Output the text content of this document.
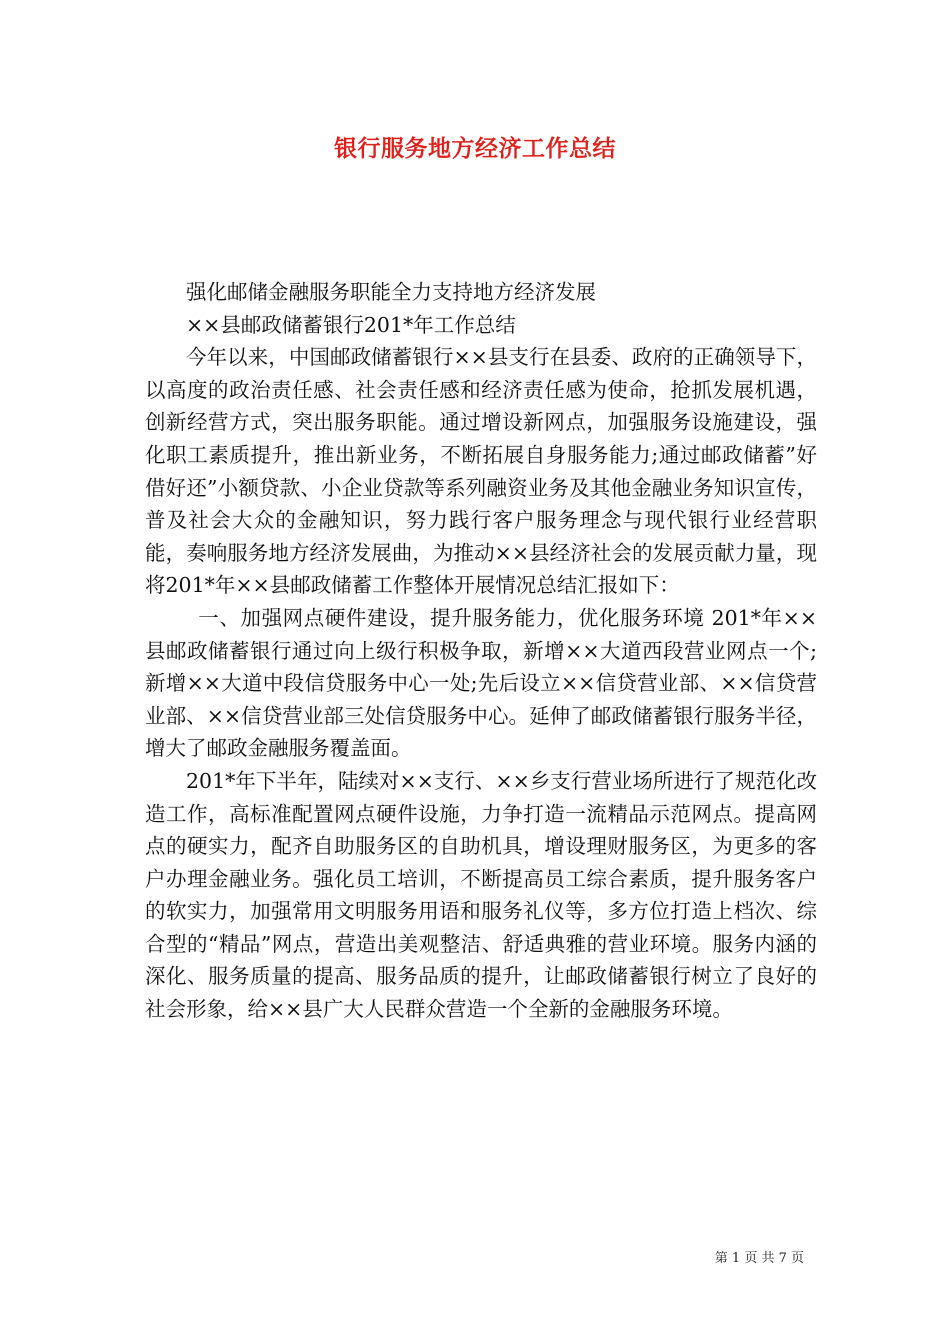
银行服务地方经济工作总结

强化邮储金融服务职能全力支持地方经济发展

××县邮政储蓄银行201*年工作总结

今年以来，中国邮政储蓄银行××县支行在县委、政府的正确领导下，以高度的政治责任感、社会责任感和经济责任感为使命，抢抓发展机遇，创新经营方式，突出服务职能。通过增设新网点，加强服务设施建设，强化职工素质提升，推出新业务，不断拓展自身服务能力;通过邮政储蓄”好借好还”小额贷款、小企业贷款等系列融资业务及其他金融业务知识宣传，普及社会大众的金融知识，努力践行客户服务理念与现代银行业经营职能，奏响服务地方经济发展曲，为推动××县经济社会的发展贡献力量，现将201*年××县邮政储蓄工作整体开展情况总结汇报如下：

一、加强网点硬件建设，提升服务能力，优化服务环境 201*年××县邮政储蓄银行通过向上级行积极争取，新增××大道西段营业网点一个;新增××大道中段信贷服务中心一处;先后设立××信贷营业部、××信贷营业部、××信贷营业部三处信贷服务中心。延伸了邮政储蓄银行服务半径，增大了邮政金融服务覆盖面。

201*年下半年，陆续对××支行、××乡支行营业场所进行了规范化改造工作，高标准配置网点硬件设施，力争打造一流精品示范网点。提高网点的硬实力，配齐自助服务区的自助机具，增设理财服务区，为更多的客户办理金融业务。强化员工培训，不断提高员工综合素质，提升服务客户的软实力，加强常用文明服务用语和服务礼仪等，多方位打造上档次、综合型的“精品”网点，营造出美观整洁、舒适典雅的营业环境。服务内涵的深化、服务质量的提高、服务品质的提升，让邮政储蓄银行树立了良好的社会形象，给××县广大人民群众营造一个全新的金融服务环境。

第 1 页 共 7 页
